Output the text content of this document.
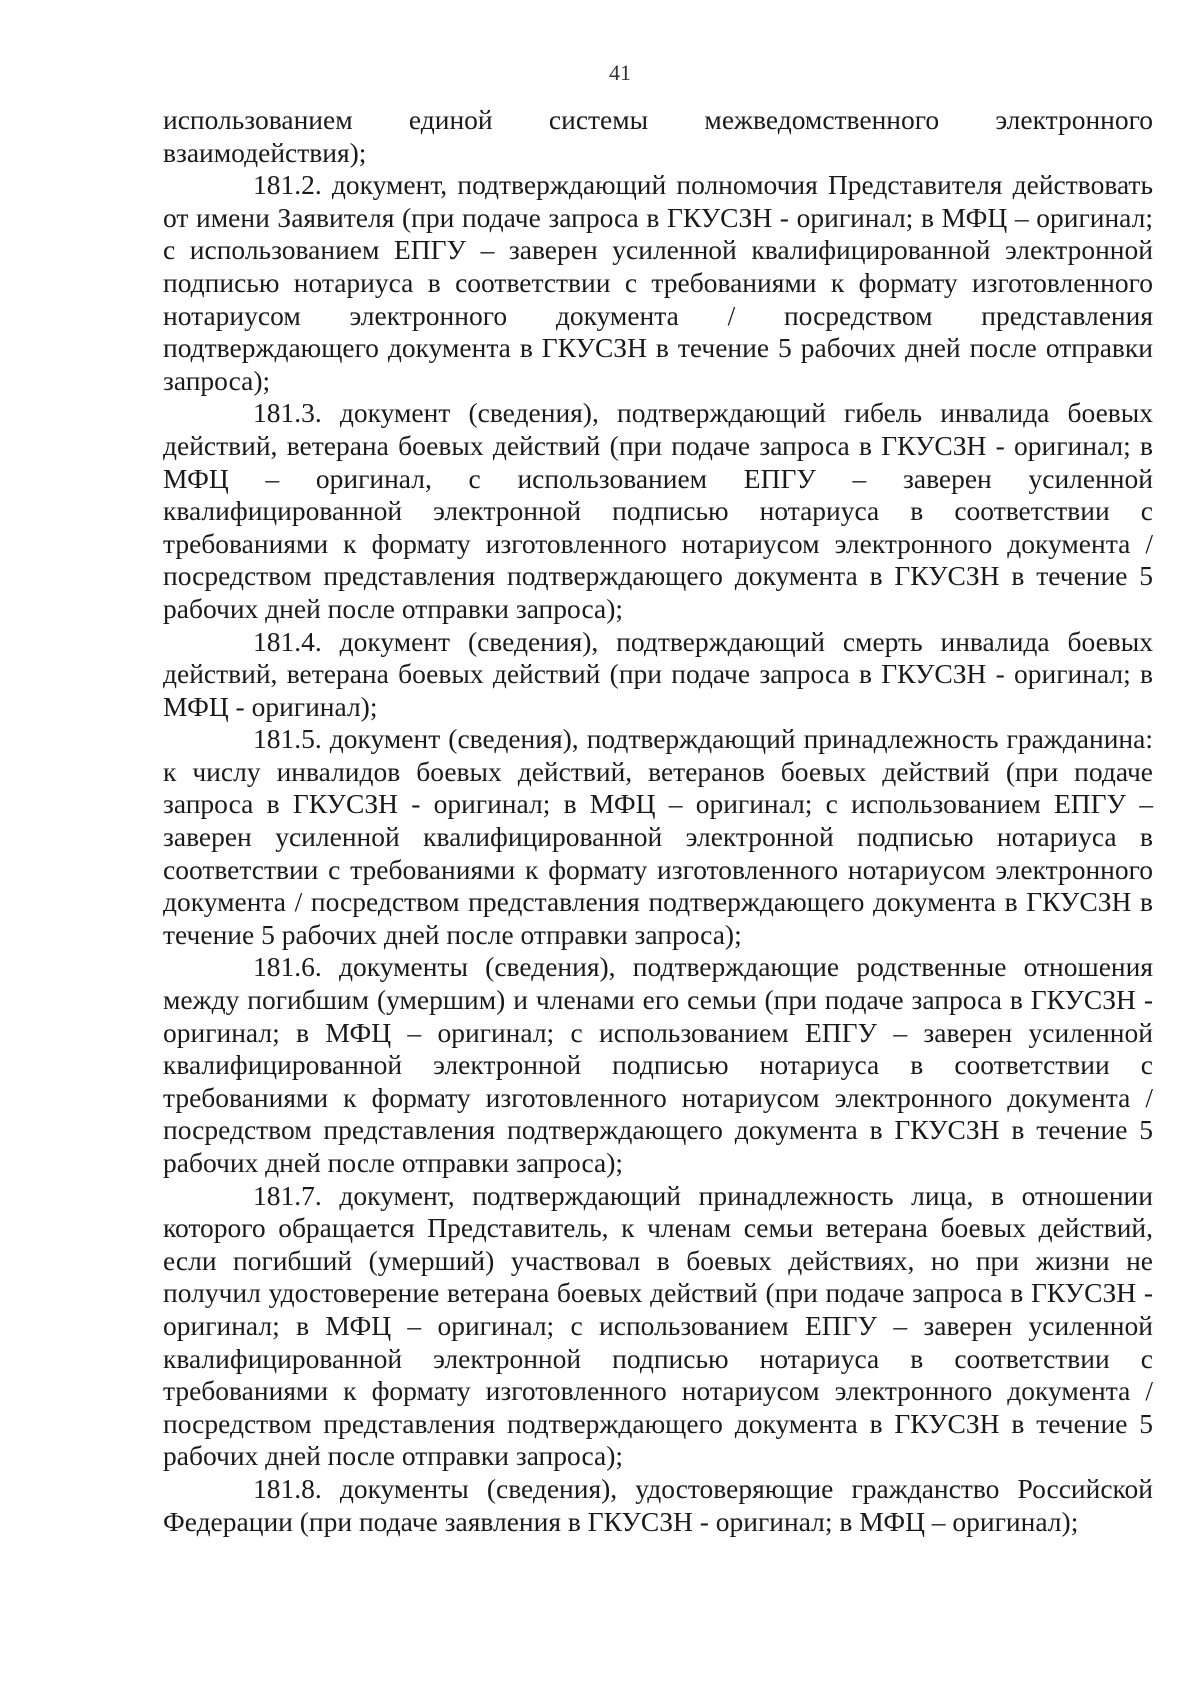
41

использованием единой системы межведомственного электронного взаимодействия);

181.2. документ, подтверждающий полномочия Представителя действовать от имени Заявителя (при подаче запроса в ГКУСЗН - оригинал; в МФЦ – оригинал; с использованием ЕПГУ – заверен усиленной квалифицированной электронной подписью нотариуса в соответствии с требованиями к формату изготовленного нотариусом электронного документа / посредством представления подтверждающего документа в ГКУСЗН в течение 5 рабочих дней после отправки запроса);

181.3. документ (сведения), подтверждающий гибель инвалида боевых действий, ветерана боевых действий (при подаче запроса в ГКУСЗН - оригинал; в МФЦ – оригинал, с использованием ЕПГУ – заверен усиленной квалифицированной электронной подписью нотариуса в соответствии с требованиями к формату изготовленного нотариусом электронного документа / посредством представления подтверждающего документа в ГКУСЗН в течение 5 рабочих дней после отправки запроса);

181.4. документ (сведения), подтверждающий смерть инвалида боевых действий, ветерана боевых действий (при подаче запроса в ГКУСЗН - оригинал; в МФЦ - оригинал);

181.5. документ (сведения), подтверждающий принадлежность гражданина: к числу инвалидов боевых действий, ветеранов боевых действий (при подаче запроса в ГКУСЗН - оригинал; в МФЦ – оригинал; с использованием ЕПГУ – заверен усиленной квалифицированной электронной подписью нотариуса в соответствии с требованиями к формату изготовленного нотариусом электронного документа / посредством представления подтверждающего документа в ГКУСЗН в течение 5 рабочих дней после отправки запроса);

181.6. документы (сведения), подтверждающие родственные отношения между погибшим (умершим) и членами его семьи (при подаче запроса в ГКУСЗН - оригинал; в МФЦ – оригинал; с использованием ЕПГУ – заверен усиленной квалифицированной электронной подписью нотариуса в соответствии с требованиями к формату изготовленного нотариусом электронного документа / посредством представления подтверждающего документа в ГКУСЗН в течение 5 рабочих дней после отправки запроса);

181.7. документ, подтверждающий принадлежность лица, в отношении которого обращается Представитель, к членам семьи ветерана боевых действий, если погибший (умерший) участвовал в боевых действиях, но при жизни не получил удостоверение ветерана боевых действий (при подаче запроса в ГКУСЗН - оригинал; в МФЦ – оригинал; с использованием ЕПГУ – заверен усиленной квалифицированной электронной подписью нотариуса в соответствии с требованиями к формату изготовленного нотариусом электронного документа / посредством представления подтверждающего документа в ГКУСЗН в течение 5 рабочих дней после отправки запроса);

181.8. документы (сведения), удостоверяющие гражданство Российской Федерации (при подаче заявления в ГКУСЗН - оригинал; в МФЦ – оригинал);
